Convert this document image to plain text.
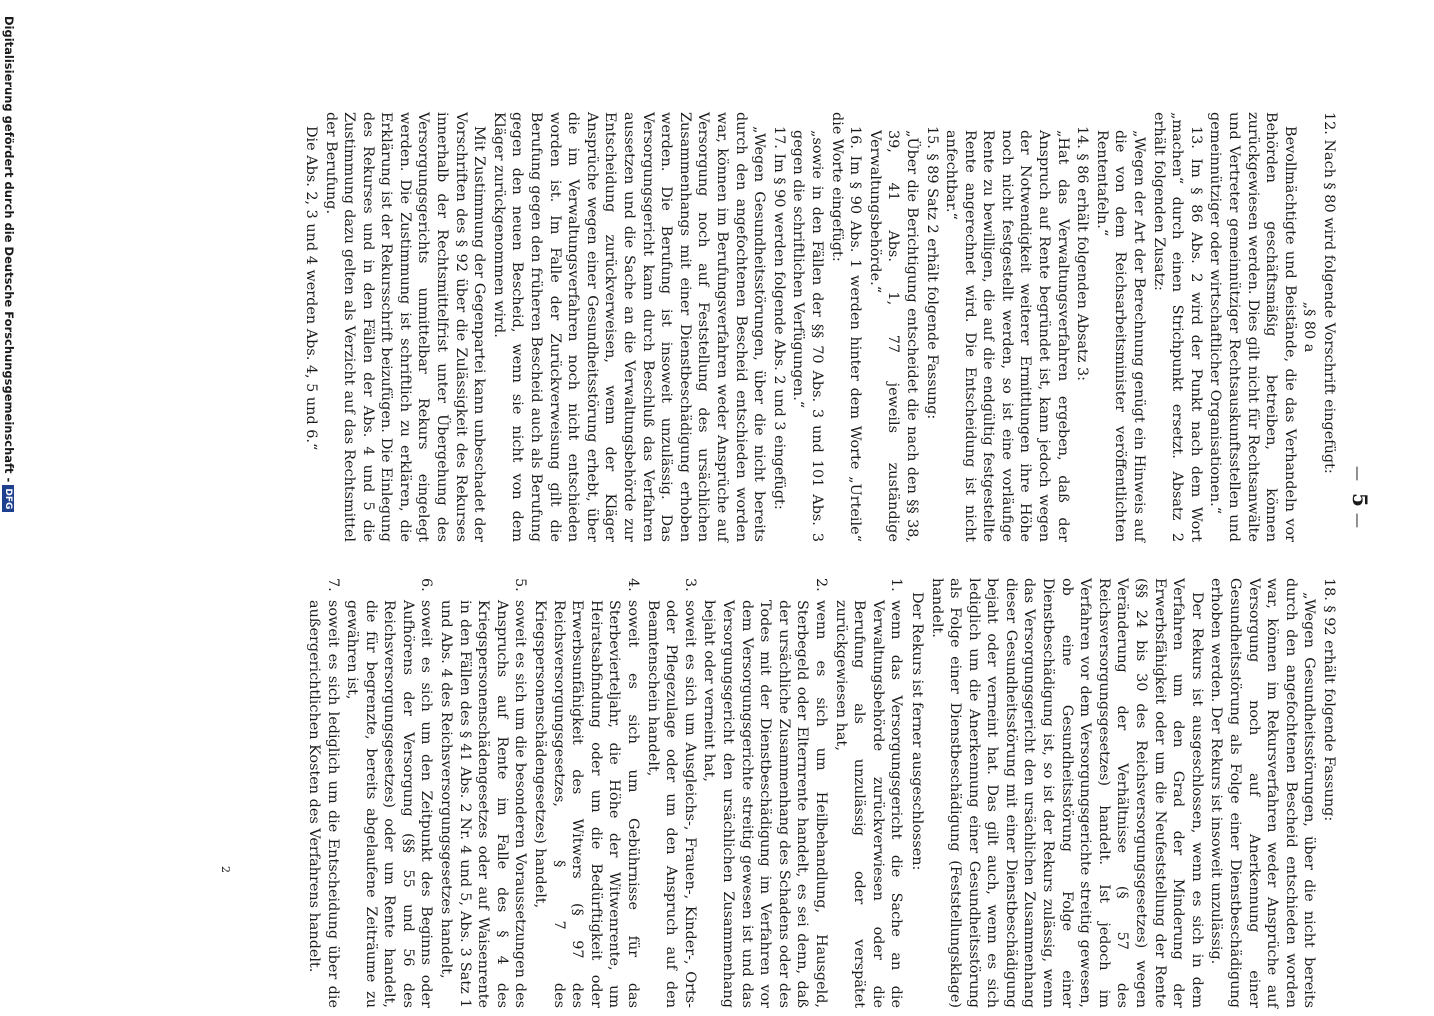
—5—

12. Nach § 80 wird folgende Vorschrift eingefügt:

„§ 80 a

Bevollmächtigte und Beistände, die das Verhandeln vor Behörden geschäftsmäßig betreiben, können zurückgewiesen werden. Dies gilt nicht für Rechtsanwälte und Vertreter gemeinnütziger Rechtsauskunftsstellen und gemeinnütziger oder wirtschaftlicher Organisationen.“

13. Im § 86 Abs. 2 wird der Punkt nach dem Wort „machen“ durch einen Strichpunkt ersetzt. Absatz 2 erhält folgenden Zusatz:

„Wegen der Art der Berechnung genügt ein Hinweis auf die von dem Reichsarbeitsminister veröffentlichten Rententafeln.“

14. § 86 erhält folgenden Absatz 3:

„Hat das Verwaltungsverfahren ergeben, daß der Anspruch auf Rente begründet ist, kann jedoch wegen der Notwendigkeit weiterer Ermittlungen ihre Höhe noch nicht festgestellt werden, so ist eine vorläufige Rente zu bewilligen, die auf die endgültig festgestellte Rente angerechnet wird. Die Entscheidung ist nicht anfechtbar.“

15. § 89 Satz 2 erhält folgende Fassung:

„Über die Berichtigung entscheidet die nach den §§ 38, 39, 41 Abs. 1, 77 jeweils zuständige Verwaltungsbehörde.“

16. Im § 90 Abs. 1 werden hinter dem Worte „Urteile“ die Worte eingefügt:

„sowie in den Fällen der §§ 70 Abs. 3 und 101 Abs. 3 gegen die schriftlichen Verfügungen.“

17. Im § 90 werden folgende Abs. 2 und 3 eingefügt:

„Wegen Gesundheitsstörungen, über die nicht bereits durch den angefochtenen Bescheid entschieden worden war, können im Berufungsverfahren weder Ansprüche auf Versorgung noch auf Feststellung des ursächlichen Zusammenhangs mit einer Dienstbeschädigung erhoben werden. Die Berufung ist insoweit unzulässig. Das Versorgungsgericht kann durch Beschluß das Verfahren aussetzen und die Sache an die Verwaltungsbehörde zur Entscheidung zurückverweisen, wenn der Kläger Ansprüche wegen einer Gesundheitsstörung erhebt, über die im Verwaltungsverfahren noch nicht entschieden worden ist. Im Falle der Zurückverweisung gilt die Berufung gegen den früheren Bescheid auch als Berufung gegen den neuen Bescheid, wenn sie nicht von dem Kläger zurückgenommen wird.

Mit Zustimmung der Gegenpartei kann unbeschadet der Vorschriften des § 92 über die Zulässigkeit des Rekurses innerhalb der Rechtsmittelfrist unter Übergehung des Versorgungsgerichts unmittelbar Rekurs eingelegt werden. Die Zustimmung ist schriftlich zu erklären, die Erklärung ist der Rekursschrift beizufügen. Die Einlegung des Rekurses und in den Fällen der Abs. 4 und 5 die Zustimmung dazu gelten als Verzicht auf das Rechtsmittel der Berufung.

Die Abs. 2, 3 und 4 werden Abs. 4, 5 und 6.“

18. § 92 erhält folgende Fassung:

„Wegen Gesundheitsstörungen, über die nicht bereits durch den angefochtenen Bescheid entschieden worden war, können im Rekursverfahren weder Ansprüche auf Versorgung noch auf Anerkennung einer Gesundheitsstörung als Folge einer Dienstbeschädigung erhoben werden. Der Rekurs ist insoweit unzulässig.

Der Rekurs ist ausgeschlossen, wenn es sich in dem Verfahren um den Grad der Minderung der Erwerbsfähigkeit oder um die Neufeststellung der Rente (§§ 24 bis 30 des Reichsversorgungsgesetzes) wegen Veränderung der Verhältnisse (§ 57 des Reichsversorgungsgesetzes) handelt. Ist jedoch im Verfahren vor dem Versorgungsgerichte streitig gewesen, ob eine Gesundheitsstörung Folge einer Dienstbeschädigung ist, so ist der Rekurs zulässig, wenn das Versorgungsgericht den ursächlichen Zusammenhang dieser Gesundheitsstörung mit einer Dienstbeschädigung bejaht oder verneint hat. Das gilt auch, wenn es sich lediglich um die Anerkennung einer Gesundheitsstörung als Folge einer Dienstbeschädigung (Feststellungsklage) handelt.

Der Rekurs ist ferner ausgeschlossen:

1.
wenn das Versorgungsgericht die Sache an die Verwaltungsbehörde zurückverwiesen oder die Berufung als unzulässig oder verspätet zurückgewiesen hat,
2.
wenn es sich um Heilbehandlung, Hausgeld, Sterbegeld oder Elternrente handelt, es sei denn, daß der ursächliche Zusammenhang des Schadens oder des Todes mit der Dienstbeschädigung im Verfahren vor dem Versorgungsgerichte streitig gewesen ist und das Versorgungsgericht den ursächlichen Zusammenhang bejaht oder verneint hat,
3.
soweit es sich um Ausgleichs-, Frauen-, Kinder-, Orts- oder Pflegezulage oder um den Anspruch auf den Beamtenschein handelt,
4.
soweit es sich um Gebührnisse für das Sterbevierteljahr, die Höhe der Witwenrente, um Heiratsabfindung oder um die Bedürftigkeit oder Erwerbsunfähigkeit des Witwers (§ 97 des Reichsversorgungsgesetzes, § 7 des Kriegspersonenschädengesetzes) handelt,
5.
soweit es sich um die besonderen Voraussetzungen des Anspruchs auf Rente im Falle des § 4 des Kriegspersonenschädengesetzes oder auf Waisenrente in den Fällen des § 41 Abs. 2 Nr. 4 und 5, Abs. 3 Satz 1 und Abs. 4 des Reichsversorgungsgesetzes handelt,
6.
soweit es sich um den Zeitpunkt des Beginns oder Aufhörens der Versorgung (§§ 55 und 56 des Reichsversorgungsgesetzes) oder um Rente handelt, die für begrenzte, bereits abgelaufene Zeiträume zu gewähren ist,
7.
soweit es sich lediglich um die Entscheidung über die außergerichtlichen Kosten des Verfahrens handelt.
2
Digitalisierung gefördert durch die Deutsche Forschungsgemeinschaft -DFG
